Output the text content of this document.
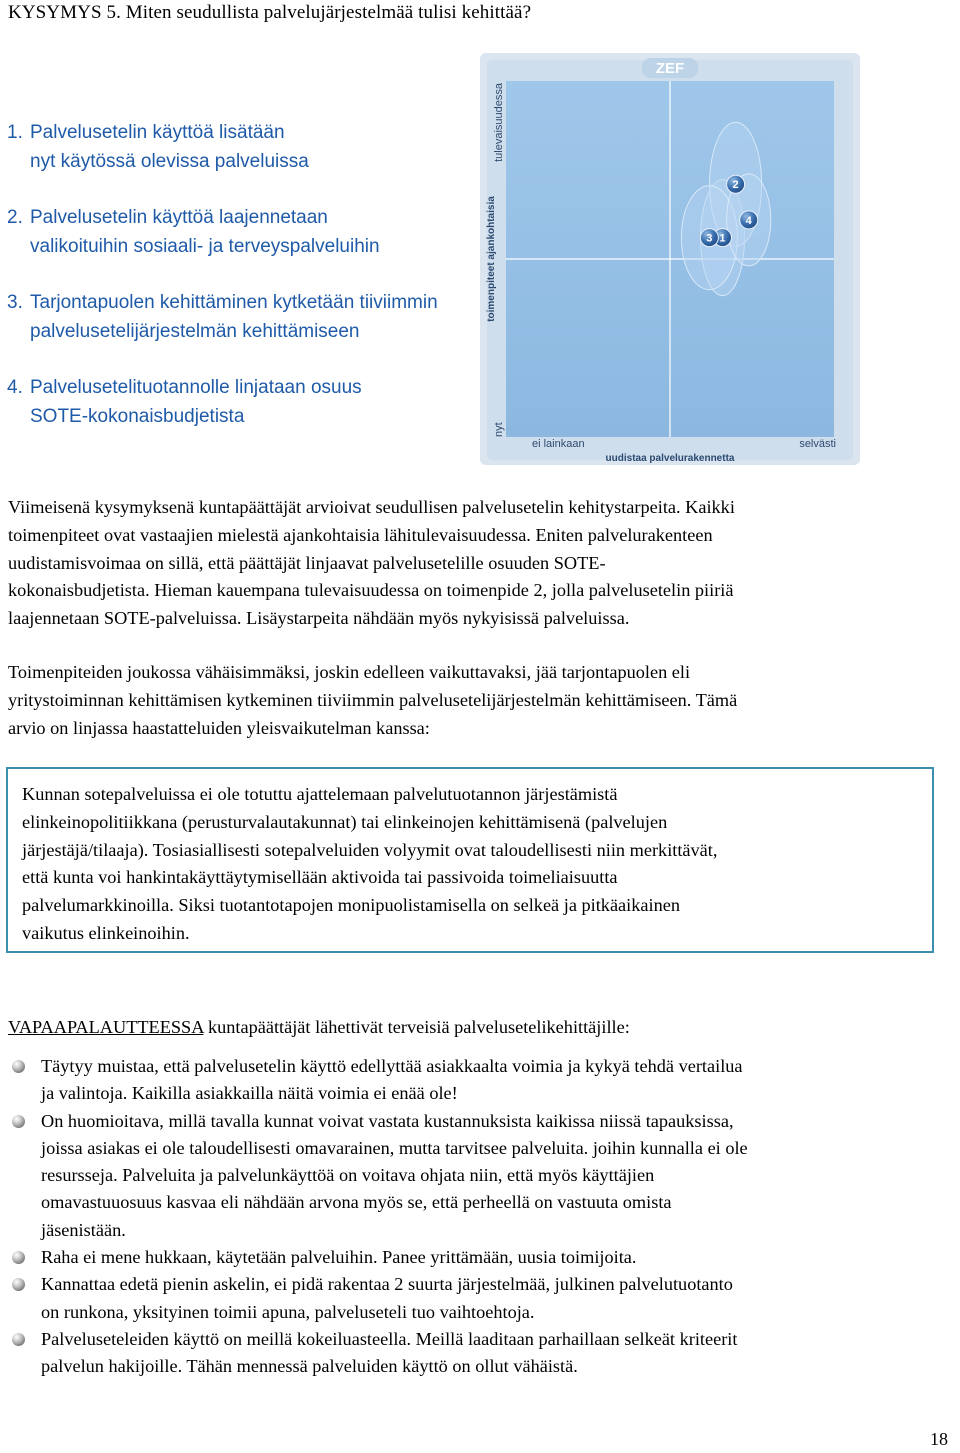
KYSYMYS 5. Miten seudullista palvelujärjestelmää tulisi kehittää?
1. Palvelusetelin käyttöä lisätään
nyt käytössä olevissa palveluissa
2. Palvelusetelin käyttöä laajennetaan
valikoituihin sosiaali- ja terveyspalveluihin
3. Tarjontapuolen kehittäminen kytketään tiiviimmin
palvelusetelijärjestelmän kehittämiseen
4. Palvelusetelituotannolle linjataan osuus
SOTE-kokonaisbudjetista
1
2
3
4
ZEF
ei lainkaan	selvästi
uudistaa palvelurakennetta
nyt
tulevaisuudessa
toimenpiteet ajankohtaisia

Viimeisenä kysymyksenä kuntapäättäjät arvioivat seudullisen palvelusetelin kehitystarpeita. Kaikki
toimenpiteet ovat vastaajien mielestä ajankohtaisia lähitulevaisuudessa. Eniten palvelurakenteen
uudistamisvoimaa on sillä, että päättäjät linjaavat palvelusetelille osuuden SOTE-
kokonaisbudjetista. Hieman kauempana tulevaisuudessa on toimenpide 2, jolla palvelusetelin piiriä
laajennetaan SOTE-palveluissa. Lisäystarpeita nähdään myös nykyisissä palveluissa.

Toimenpiteiden joukossa vähäisimmäksi, joskin edelleen vaikuttavaksi, jää tarjontapuolen eli
yritystoiminnan kehittämisen kytkeminen tiiviimmin palvelusetelijärjestelmän kehittämiseen. Tämä
arvio on linjassa haastatteluiden yleisvaikutelman kanssa:

Kunnan sotepalveluissa ei ole totuttu ajattelemaan palvelutuotannon järjestämistä
elinkeinopolitiikkana (perusturvalautakunnat) tai elinkeinojen kehittämisenä (palvelujen
järjestäjä/tilaaja). Tosiasiallisesti sotepalveluiden volyymit ovat taloudellisesti niin merkittävät,
että kunta voi hankintakäyttäytymisellään aktivoida tai passivoida toimeliaisuutta
palvelumarkkinoilla. Siksi tuotantotapojen monipuolistamisella on selkeä ja pitkäaikainen
vaikutus elinkeinoihin.

VAPAAPALAUTTEESSA kuntapäättäjät lähettivät terveisiä palvelusetelikehittäjille:

Täytyy muistaa, että palvelusetelin käyttö edellyttää asiakkaalta voimia ja kykyä tehdä vertailua
ja valintoja. Kaikilla asiakkailla näitä voimia ei enää ole!
On huomioitava, millä tavalla kunnat voivat vastata kustannuksista kaikissa niissä tapauksissa,
joissa asiakas ei ole taloudellisesti omavarainen, mutta tarvitsee palveluita. joihin kunnalla ei ole
resursseja. Palveluita ja palvelunkäyttöä on voitava ohjata niin, että myös käyttäjien
omavastuuosuus kasvaa eli nähdään arvona myös se, että perheellä on vastuuta omista
jäsenistään.
Raha ei mene hukkaan, käytetään palveluihin. Panee yrittämään, uusia toimijoita.
Kannattaa edetä pienin askelin, ei pidä rakentaa 2 suurta järjestelmää, julkinen palvelutuotanto
on runkona, yksityinen toimii apuna, palveluseteli tuo vaihtoehtoja.
Palveluseteleiden käyttö on meillä kokeiluasteella. Meillä laaditaan parhaillaan selkeät kriteerit
palvelun hakijoille. Tähän mennessä palveluiden käyttö on ollut vähäistä.
18
